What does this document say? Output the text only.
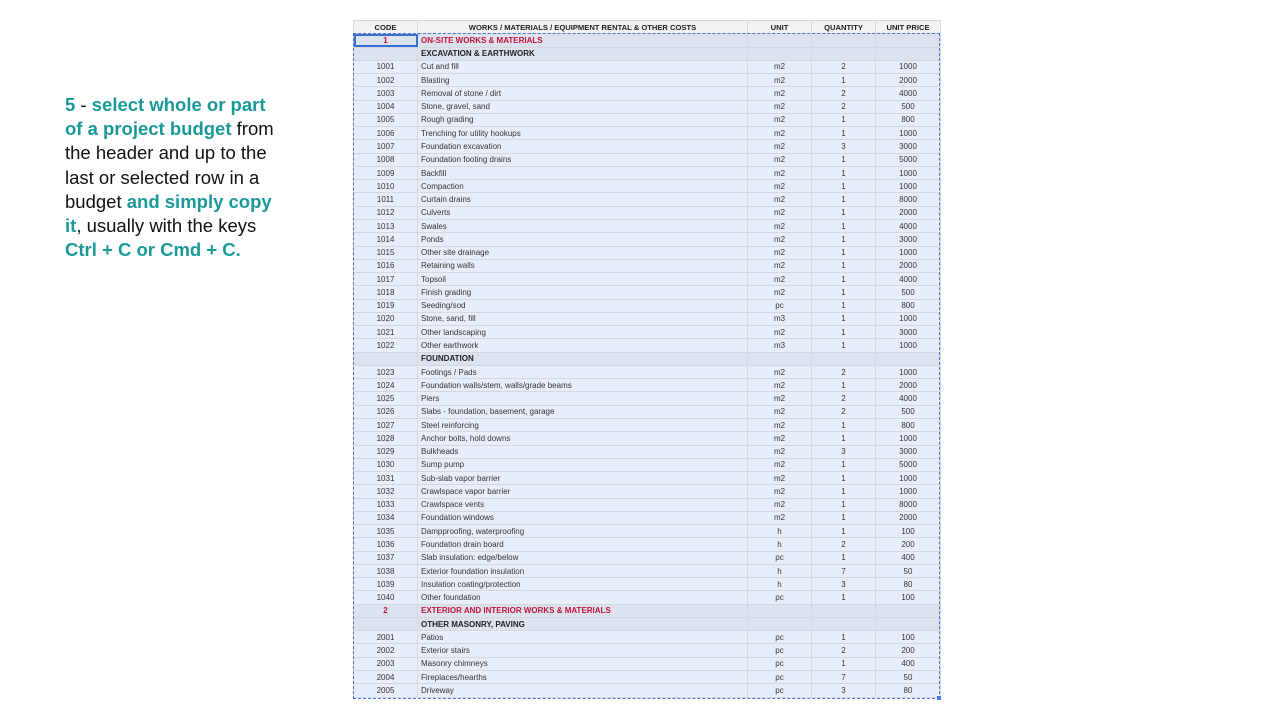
5 - select whole or part of a project budget from the header and up to the last or selected row in a budget and simply copy it, usually with the keys Ctrl + C or Cmd + C.
CODE	WORKS / MATERIALS / EQUIPMENT RENTAL & OTHER COSTS	UNIT	QUANTITY	UNIT PRICE
1	ON-SITE WORKS & MATERIALS			
	EXCAVATION & EARTHWORK			
1001	Cut and fill	m2	2	1000
1002	Blasting	m2	1	2000
1003	Removal of stone / dirt	m2	2	4000
1004	Stone, gravel, sand	m2	2	500
1005	Rough grading	m2	1	800
1006	Trenching for utility hookups	m2	1	1000
1007	Foundation excavation	m2	3	3000
1008	Foundation footing drains	m2	1	5000
1009	Backfill	m2	1	1000
1010	Compaction	m2	1	1000
1011	Curtain drains	m2	1	8000
1012	Culverts	m2	1	2000
1013	Swales	m2	1	4000
1014	Ponds	m2	1	3000
1015	Other site drainage	m2	1	1000
1016	Retaining walls	m2	1	2000
1017	Topsoil	m2	1	4000
1018	Finish grading	m2	1	500
1019	Seeding/sod	pc	1	800
1020	Stone, sand, fill	m3	1	1000
1021	Other landscaping	m2	1	3000
1022	Other earthwork	m3	1	1000
	FOUNDATION			
1023	Footings / Pads	m2	2	1000
1024	Foundation walls/stem, walls/grade beams	m2	1	2000
1025	Piers	m2	2	4000
1026	Slabs - foundation, basement, garage	m2	2	500
1027	Steel reinforcing	m2	1	800
1028	Anchor bolts, hold downs	m2	1	1000
1029	Bulkheads	m2	3	3000
1030	Sump pump	m2	1	5000
1031	Sub-slab vapor barrier	m2	1	1000
1032	Crawlspace vapor barrier	m2	1	1000
1033	Crawlspace vents	m2	1	8000
1034	Foundation windows	m2	1	2000
1035	Dampproofing, waterproofing	h	1	100
1036	Foundation drain board	h	2	200
1037	Slab insulation: edge/below	pc	1	400
1038	Exterior foundation insulation	h	7	50
1039	Insulation coating/protection	h	3	80
1040	Other foundation	pc	1	100
2	EXTERIOR AND INTERIOR WORKS & MATERIALS			
	OTHER MASONRY, PAVING			
2001	Patios	pc	1	100
2002	Exterior stairs	pc	2	200
2003	Masonry chimneys	pc	1	400
2004	Fireplaces/hearths	pc	7	50
2005	Driveway	pc	3	80
